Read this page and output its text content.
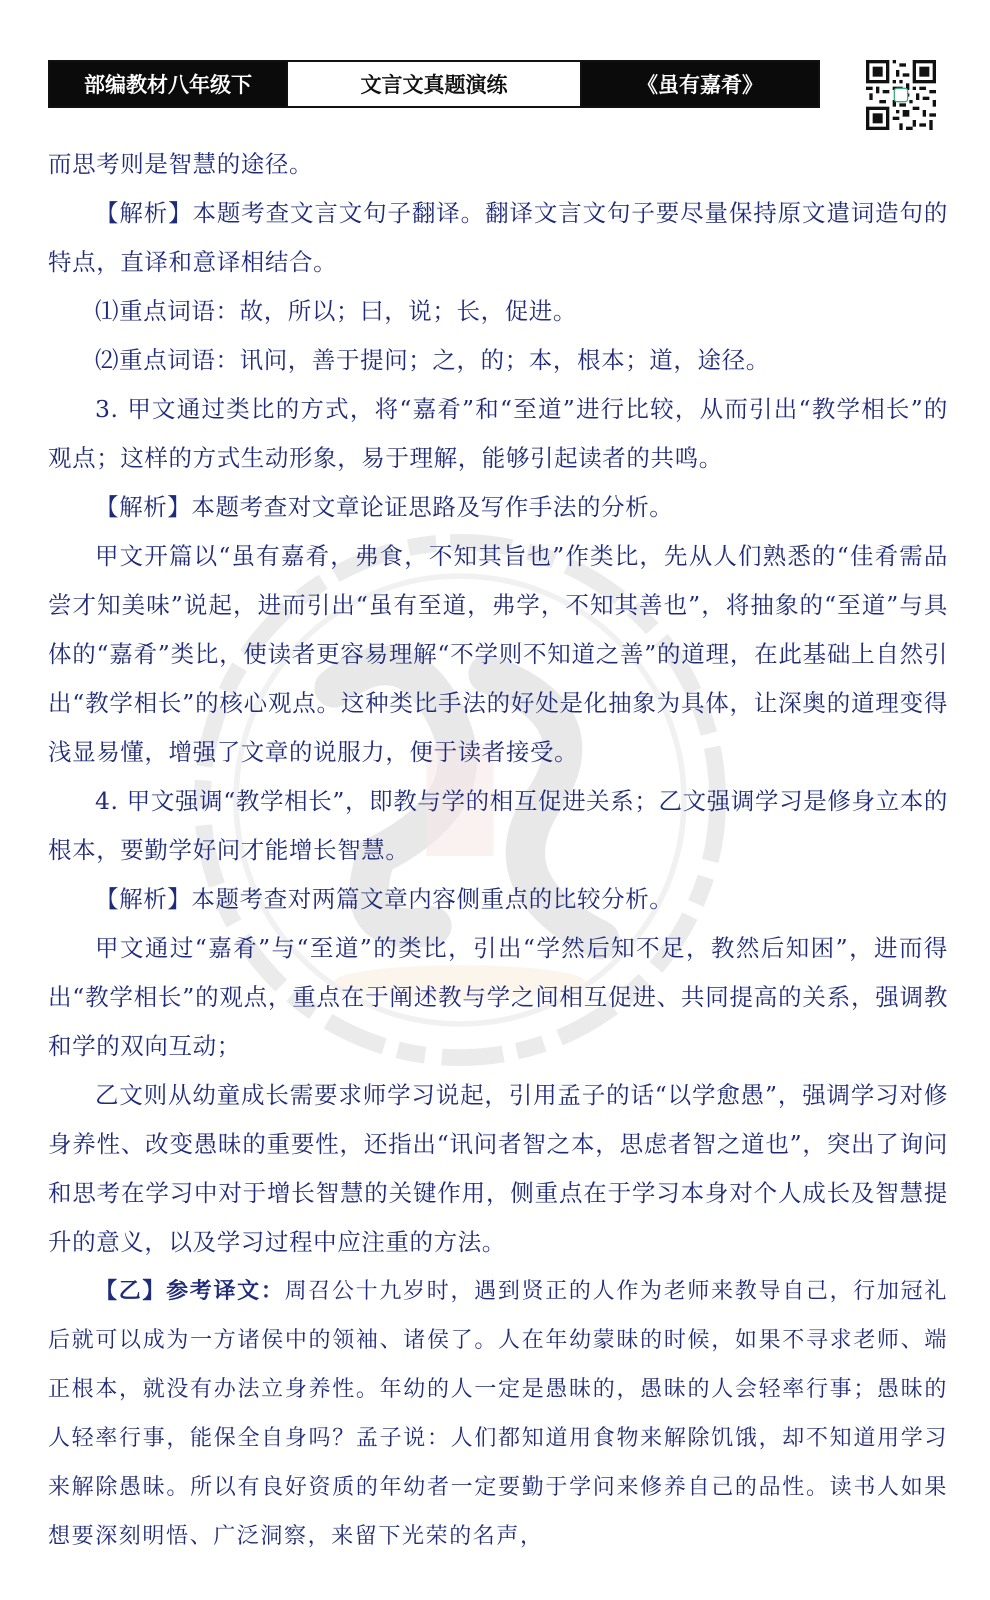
部编教材八年级下	文言文真题演练	《虽有嘉肴》

而思考则是智慧的途径。

【解析】本题考查文言文句子翻译。翻译文言文句子要尽量保持原文遣词造句的特点，直译和意译相结合。

⑴重点词语：故，所以；曰，说；长，促进。

⑵重点词语：讯问，善于提问；之，的；本，根本；道，途径。

3. 甲文通过类比的方式，将“嘉肴”和“至道”进行比较，从而引出“教学相长”的观点；这样的方式生动形象，易于理解，能够引起读者的共鸣。

【解析】本题考查对文章论证思路及写作手法的分析。

甲文开篇以“虽有嘉肴，弗食，不知其旨也”作类比，先从人们熟悉的“佳肴需品尝才知美味”说起，进而引出“虽有至道，弗学，不知其善也”，将抽象的“至道”与具体的“嘉肴”类比，使读者更容易理解“不学则不知道之善”的道理，在此基础上自然引出“教学相长”的核心观点。这种类比手法的好处是化抽象为具体，让深奥的道理变得浅显易懂，增强了文章的说服力，便于读者接受。

4. 甲文强调“教学相长”，即教与学的相互促进关系；乙文强调学习是修身立本的根本，要勤学好问才能增长智慧。

【解析】本题考查对两篇文章内容侧重点的比较分析。

甲文通过“嘉肴”与“至道”的类比，引出“学然后知不足，教然后知困”，进而得出“教学相长”的观点，重点在于阐述教与学之间相互促进、共同提高的关系，强调教和学的双向互动；

乙文则从幼童成长需要求师学习说起，引用孟子的话“以学愈愚”，强调学习对修身养性、改变愚昧的重要性，还指出“讯问者智之本，思虑者智之道也”，突出了询问和思考在学习中对于增长智慧的关键作用，侧重点在于学习本身对个人成长及智慧提升的意义，以及学习过程中应注重的方法。

【乙】参考译文：周召公十九岁时，遇到贤正的人作为老师来教导自己，行加冠礼后就可以成为一方诸侯中的领袖、诸侯了。人在年幼蒙昧的时候，如果不寻求老师、端正根本，就没有办法立身养性。年幼的人一定是愚昧的，愚昧的人会轻率行事；愚昧的人轻率行事，能保全自身吗？孟子说：人们都知道用食物来解除饥饿，却不知道用学习来解除愚昧。所以有良好资质的年幼者一定要勤于学问来修养自己的品性。读书人如果想要深刻明悟、广泛洞察，来留下光荣的名声，
